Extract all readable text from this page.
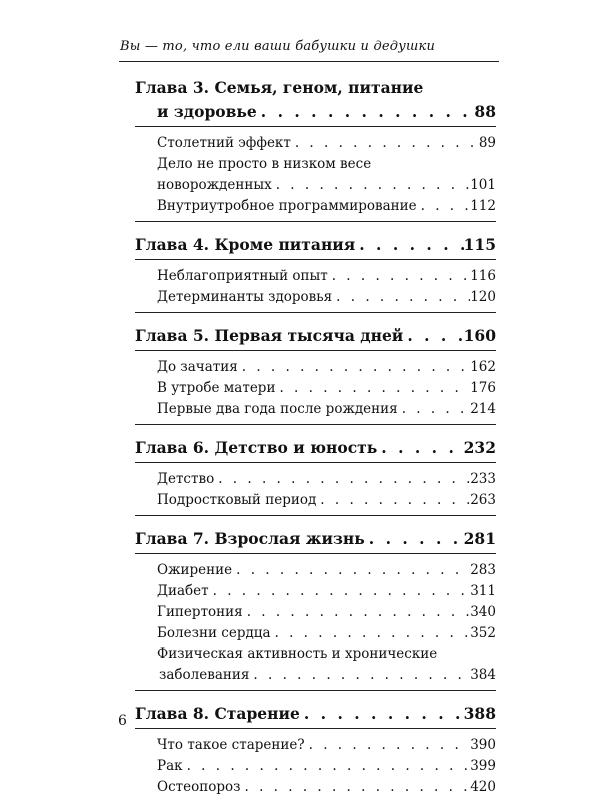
Вы — то, что ели ваши бабушки и дедушки
Глава 3. Семья, геном, питание
и здоровье . . .	88
Столетний эффект . . .	89
Дело не просто в низком весе
новорожденных . . .	101
Внутриутробное программирование . . .	112
Глава 4. Кроме питания . . .	115
Неблагоприятный опыт . . .	116
Детерминанты здоровья . . .	120
Глава 5. Первая тысяча дней . . .	160
До зачатия . . .	162
В утробе матери . . .	176
Первые два года после рождения . . .	214
Глава 6. Детство и юность . . .	232
Детство . . .	233
Подростковый период . . .	263
Глава 7. Взрослая жизнь . . .	281
Ожирение . . .	283
Диабет . . .	311
Гипертония . . .	340
Болезни сердца . . .	352
Физическая активность и хронические
заболевания . . .	384
Глава 8. Старение . . .	388
Что такое старение? . . .	390
Рак . . .	399
Остеопороз . . .	420
6
